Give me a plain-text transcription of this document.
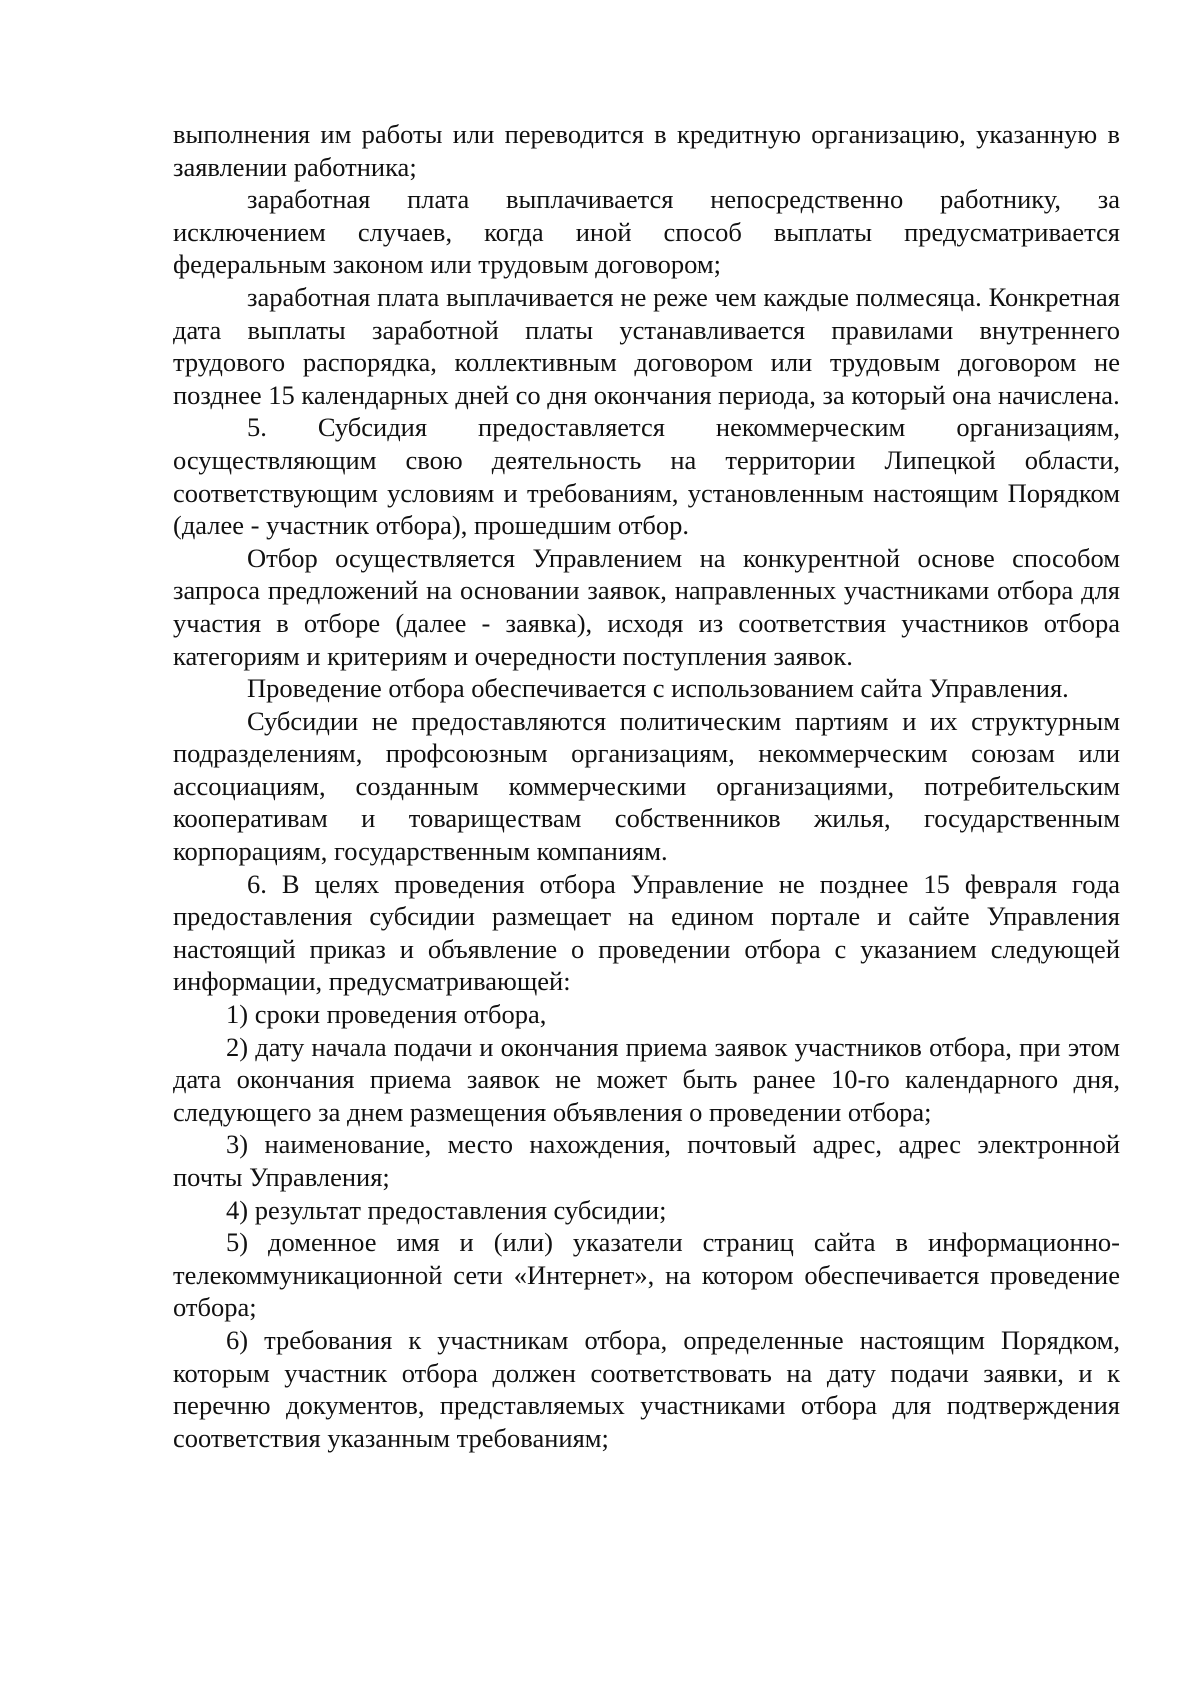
выполнения им работы или переводится в кредитную организацию, указанную в заявлении работника;

заработная плата выплачивается непосредственно работнику, за исключением случаев, когда иной способ выплаты предусматривается федеральным законом или трудовым договором;

заработная плата выплачивается не реже чем каждые полмесяца. Конкретная дата выплаты заработной платы устанавливается правилами внутреннего трудового распорядка, коллективным договором или трудовым договором не позднее 15 календарных дней со дня окончания периода, за который она начислена.

5. Субсидия предоставляется некоммерческим организациям, осуществляющим свою деятельность на территории Липецкой области, соответствующим условиям и требованиям, установленным настоящим Порядком (далее - участник отбора), прошедшим отбор.

Отбор осуществляется Управлением на конкурентной основе способом запроса предложений на основании заявок, направленных участниками отбора для участия в отборе (далее - заявка), исходя из соответствия участников отбора категориям и критериям и очередности поступления заявок.

Проведение отбора обеспечивается с использованием сайта Управления.

Субсидии не предоставляются политическим партиям и их структурным подразделениям, профсоюзным организациям, некоммерческим союзам или ассоциациям, созданным коммерческими организациями, потребительским кооперативам и товариществам собственников жилья, государственным корпорациям, государственным компаниям.

6. В целях проведения отбора Управление не позднее 15 февраля года предоставления субсидии размещает на едином портале и сайте Управления настоящий приказ и объявление о проведении отбора с указанием следующей информации, предусматривающей:

1) сроки проведения отбора,

2) дату начала подачи и окончания приема заявок участников отбора, при этом дата окончания приема заявок не может быть ранее 10-го календарного дня, следующего за днем размещения объявления о проведении отбора;

3) наименование, место нахождения, почтовый адрес, адрес электронной почты Управления;

4) результат предоставления субсидии;

5) доменное имя и (или) указатели страниц сайта в информационно-телекоммуникационной сети «Интернет», на котором обеспечивается проведение отбора;

6) требования к участникам отбора, определенные настоящим Порядком, которым участник отбора должен соответствовать на дату подачи заявки, и к перечню документов, представляемых участниками отбора для подтверждения соответствия указанным требованиям;
